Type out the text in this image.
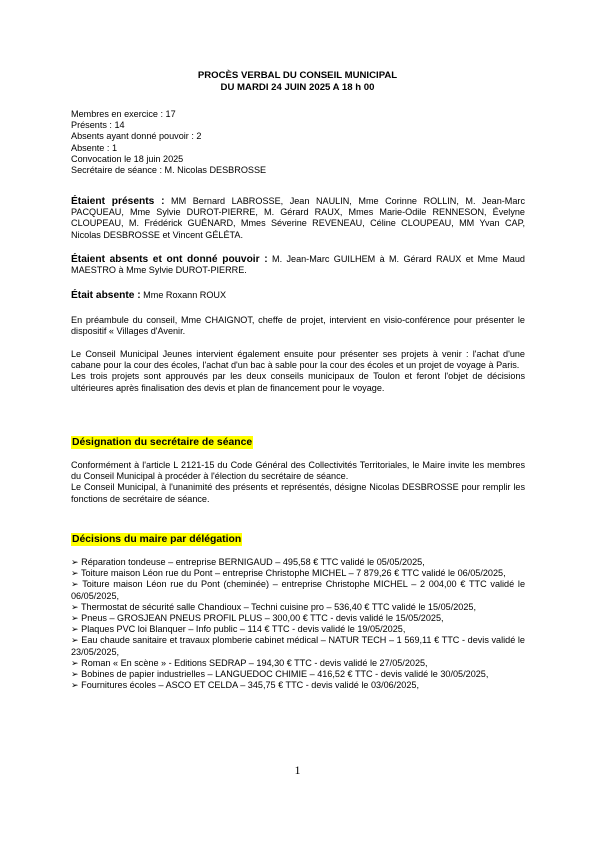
PROCÈS VERBAL DU CONSEIL MUNICIPAL
DU MARDI 24 JUIN 2025 A 18 h 00
Membres en exercice : 17
Présents : 14
Absents ayant donné pouvoir : 2
Absente : 1
Convocation le 18 juin 2025
Secrétaire de séance : M. Nicolas DESBROSSE
Étaient présents : MM Bernard LABROSSE, Jean NAULIN, Mme Corinne ROLLIN, M. Jean-Marc PACQUEAU, Mme Sylvie DUROT-PIERRE, M. Gérard RAUX, Mmes Marie-Odile RENNESON, Évelyne CLOUPEAU, M. Frédérick GUÉNARD, Mmes Séverine REVENEAU, Céline CLOUPEAU, MM Yvan CAP, Nicolas DESBROSSE et Vincent GÉLÉTA.
Étaient absents et ont donné pouvoir : M. Jean-Marc GUILHEM à M. Gérard RAUX et Mme Maud MAESTRO à Mme Sylvie DUROT-PIERRE.
Était absente : Mme Roxann ROUX
En préambule du conseil, Mme CHAIGNOT, cheffe de projet, intervient en visio-conférence pour présenter le dispositif « Villages d'Avenir.
Le Conseil Municipal Jeunes intervient également ensuite pour présenter ses projets à venir : l'achat d'une cabane pour la cour des écoles, l'achat d'un bac à sable pour la cour des écoles et un projet de voyage à Paris.
Les trois projets sont approuvés par les deux conseils municipaux de Toulon et feront l'objet de décisions ultérieures après finalisation des devis et plan de financement pour le voyage.
Désignation du secrétaire de séance
Conformément à l'article L 2121-15 du Code Général des Collectivités Territoriales, le Maire invite les membres du Conseil Municipal à procéder à l'élection du secrétaire de séance.
Le Conseil Municipal, à l'unanimité des présents et représentés, désigne Nicolas DESBROSSE pour remplir les fonctions de secrétaire de séance.
Décisions du maire par délégation
➢ Réparation tondeuse – entreprise BERNIGAUD – 495,58 € TTC validé le 05/05/2025,
➢ Toiture maison Léon rue du Pont – entreprise Christophe MICHEL – 7 879,26 € TTC validé le 06/05/2025,
➢ Toiture maison Léon rue du Pont (cheminée) – entreprise Christophe MICHEL – 2 004,00 € TTC validé le 06/05/2025,
➢ Thermostat de sécurité salle Chandioux – Techni cuisine pro – 536,40 € TTC validé le 15/05/2025,
➢ Pneus – GROSJEAN PNEUS PROFIL PLUS – 300,00 € TTC - devis validé le 15/05/2025,
➢ Plaques PVC loi Blanquer – Info public – 114 € TTC - devis validé le 19/05/2025,
➢ Eau chaude sanitaire et travaux plomberie cabinet médical – NATUR TECH – 1 569,11 € TTC - devis validé le 23/05/2025,
➢ Roman « En scène » - Editions SEDRAP – 194,30 € TTC - devis validé le 27/05/2025,
➢ Bobines de papier industrielles – LANGUEDOC CHIMIE – 416,52 € TTC - devis validé le 30/05/2025,
➢ Fournitures écoles – ASCO ET CELDA – 345,75 € TTC - devis validé le 03/06/2025,
1
